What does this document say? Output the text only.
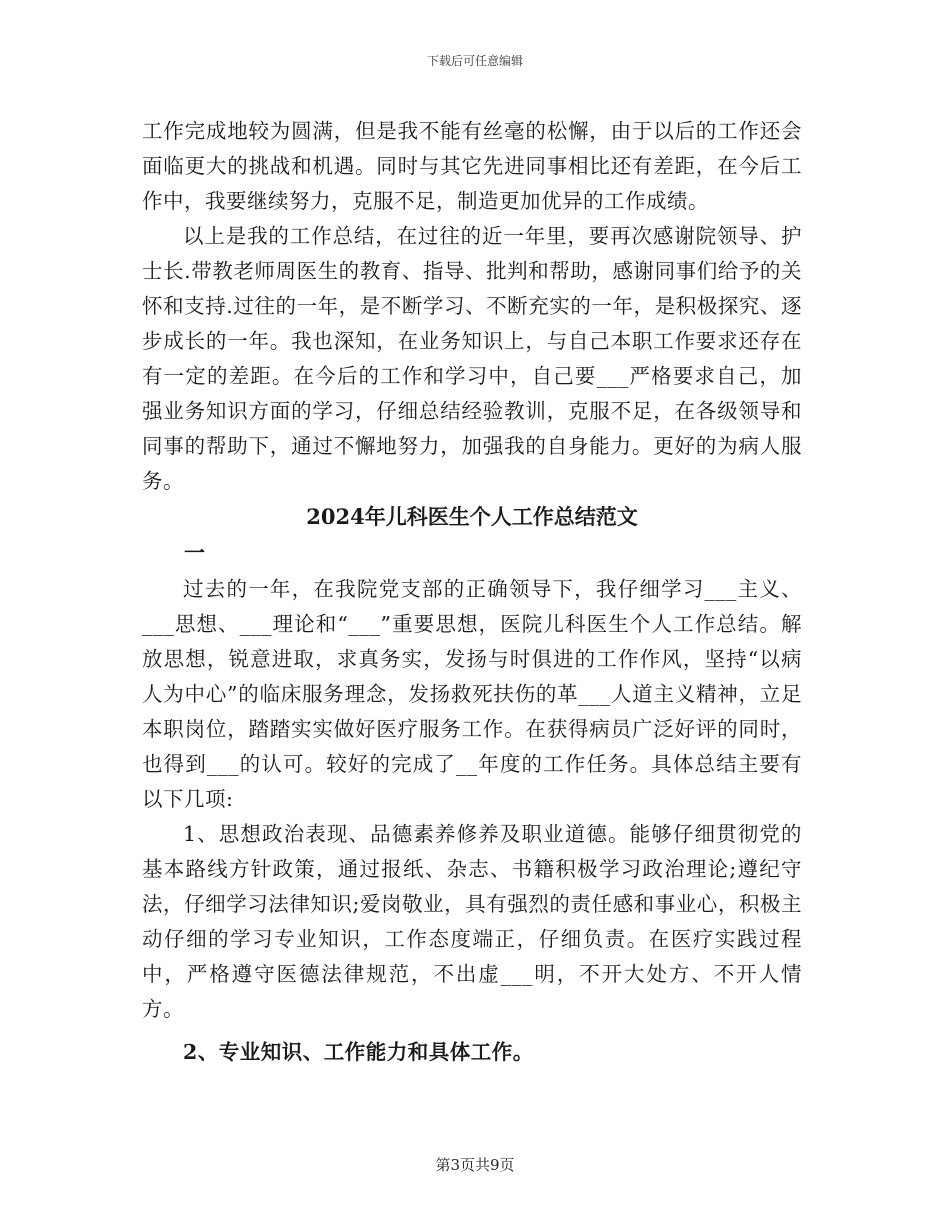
下载后可任意编辑

工作完成地较为圆满，但是我不能有丝毫的松懈，由于以后的工作还会面临更大的挑战和机遇。同时与其它先进同事相比还有差距，在今后工作中，我要继续努力，克服不足，制造更加优异的工作成绩。

以上是我的工作总结，在过往的近一年里，要再次感谢院领导、护士长.带教老师周医生的教育、指导、批判和帮助，感谢同事们给予的关怀和支持.过往的一年，是不断学习、不断充实的一年，是积极探究、逐步成长的一年。我也深知，在业务知识上，与自己本职工作要求还存在有一定的差距。在今后的工作和学习中，自己要___严格要求自己，加强业务知识方面的学习，仔细总结经验教训，克服不足，在各级领导和同事的帮助下，通过不懈地努力，加强我的自身能力。更好的为病人服务。

2024年儿科医生个人工作总结范文
一

过去的一年，在我院党支部的正确领导下，我仔细学习___主义、___思想、___理论和“___”重要思想，医院儿科医生个人工作总结。解放思想，锐意进取，求真务实，发扬与时俱进的工作作风，坚持“以病人为中心”的临床服务理念，发扬救死扶伤的革___人道主义精神，立足本职岗位，踏踏实实做好医疗服务工作。在获得病员广泛好评的同时，也得到___的认可。较好的完成了__年度的工作任务。具体总结主要有以下几项:

1、思想政治表现、品德素养修养及职业道德。能够仔细贯彻党的基本路线方针政策，通过报纸、杂志、书籍积极学习政治理论;遵纪守法，仔细学习法律知识;爱岗敬业，具有强烈的责任感和事业心，积极主动仔细的学习专业知识，工作态度端正，仔细负责。在医疗实践过程中，严格遵守医德法律规范，不出虚___明，不开大处方、不开人情方。

2、专业知识、工作能力和具体工作。

第3页共9页
